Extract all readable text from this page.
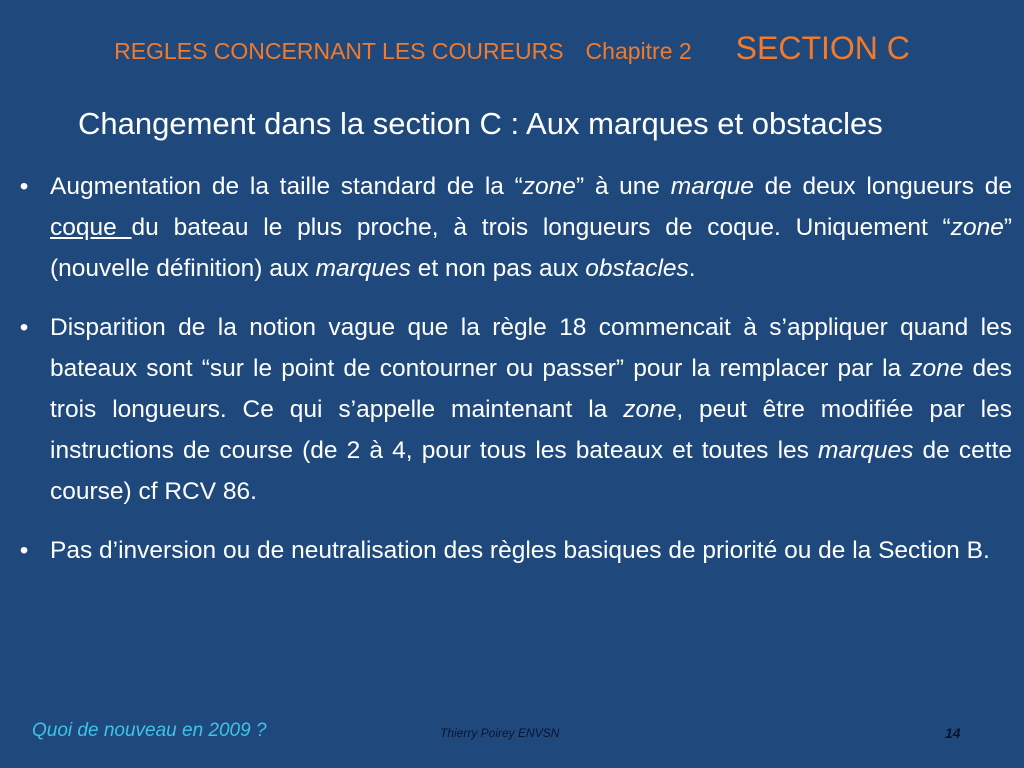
REGLES CONCERNANT LES COUREURS Chapitre 2 SECTION C
Changement dans la section C : Aux marques et obstacles
• Augmentation de la taille standard de la “zone” à une marque de deux longueurs de coque du bateau le plus proche, à trois longueurs de coque. Uniquement “zone” (nouvelle définition) aux marques et non pas aux obstacles.
• Disparition de la notion vague que la règle 18 commencait à s’appliquer quand les bateaux sont “sur le point de contourner ou passer” pour la remplacer par la zone des trois longueurs. Ce qui s’appelle maintenant la zone, peut être modifiée par les instructions de course (de 2 à 4, pour tous les bateaux et toutes les marques de cette course) cf RCV 86.
• Pas d’inversion ou de neutralisation des règles basiques de priorité ou de la Section B.
Quoi de nouveau en 2009 ?	Thierry Poirey ENVSN	14
